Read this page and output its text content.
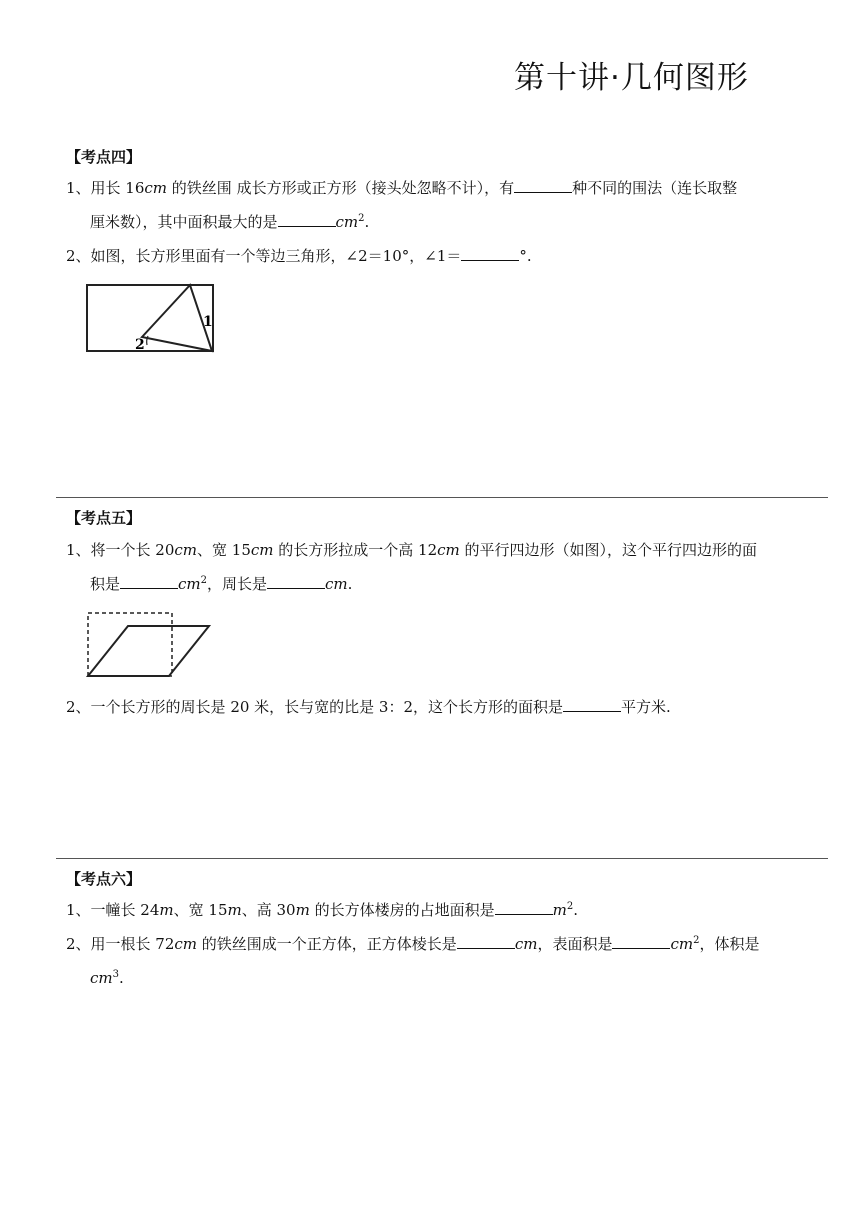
第十讲·几何图形
【考点四】
1、用长 16cm 的铁丝围 成长方形或正方形（接头处忽略不计），有	种不同的围法（连长取整
厘米数），其中面积最大的是	$cm^2$.
2、如图，长方形里面有一个等边三角形，∠2＝10°，∠1＝	°.
1
2
【考点五】
1、将一个长 20cm、宽 15cm 的长方形拉成一个高 12cm 的平行四边形（如图），这个平行四边形的面
积是	$cm^2$，周长是	cm.
2、一个长方形的周长是 20 米，长与宽的比是 3：2，这个长方形的面积是	平方米.
【考点六】
1、一幢长 24m、宽 15m、高 30m 的长方体楼房的占地面积是	$m^2$.
2、用一根长 72cm 的铁丝围成一个正方体，正方体棱长是	cm，表面积是	$cm^2$，体积是
$cm^3$.
